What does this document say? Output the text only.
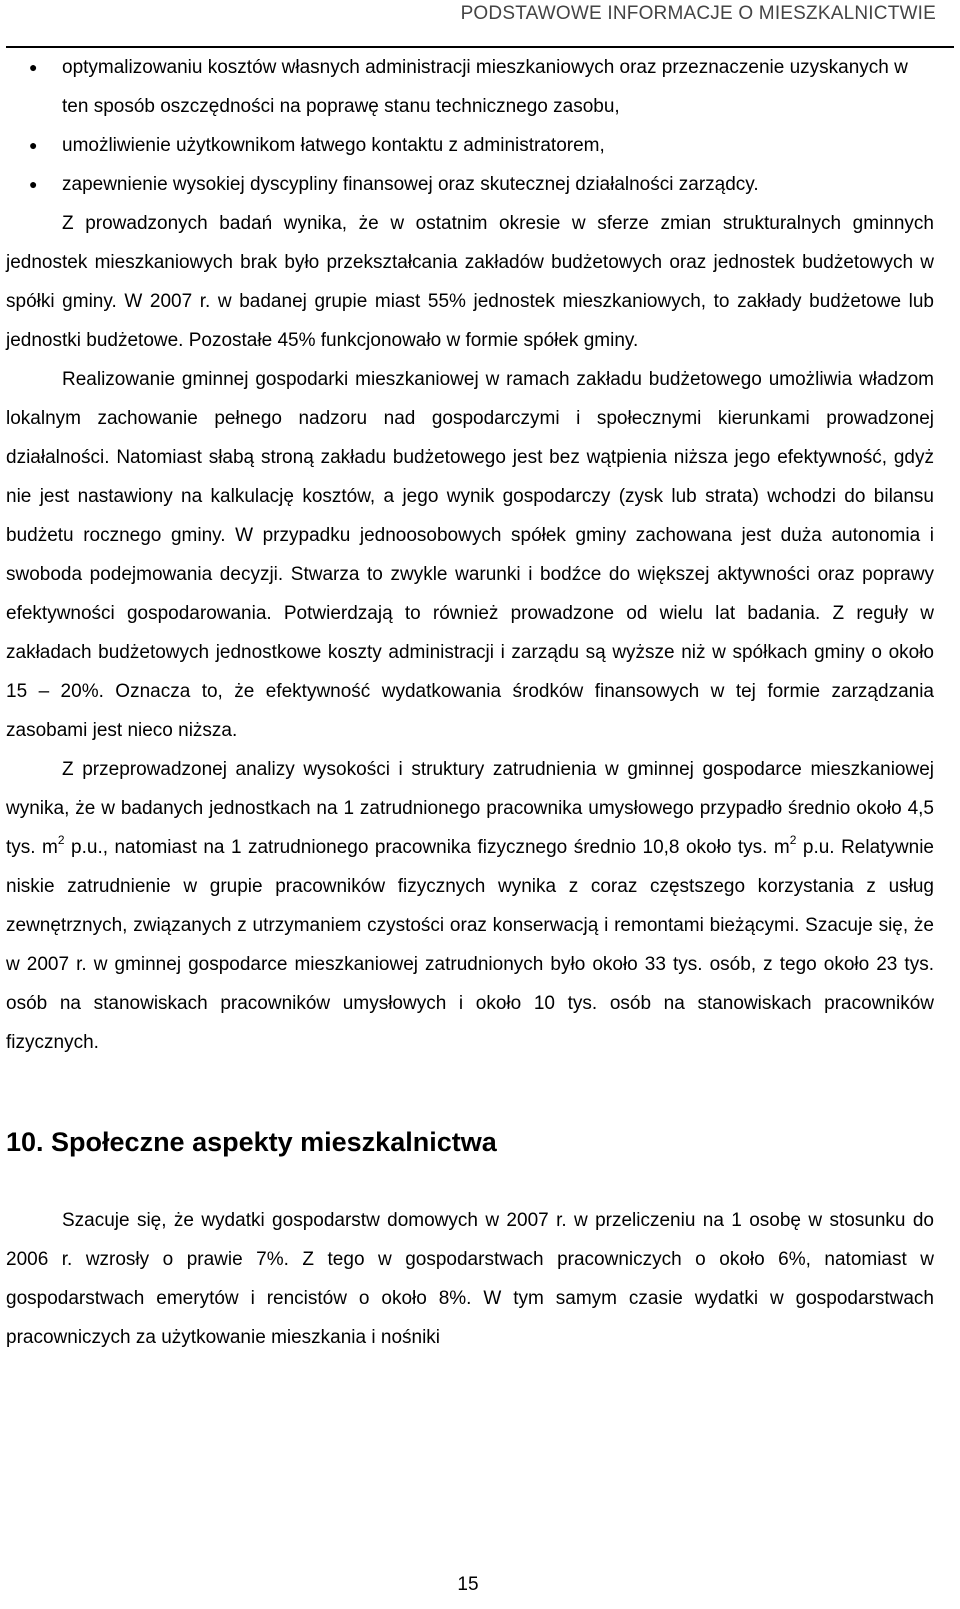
PODSTAWOWE INFORMACJE O MIESZKALNICTWIE
● optymalizowaniu kosztów własnych administracji mieszkaniowych oraz przeznaczenie uzyskanych w ten sposób oszczędności na poprawę stanu technicznego zasobu,
● umożliwienie użytkownikom łatwego kontaktu z administratorem,
● zapewnienie wysokiej dyscypliny finansowej oraz skutecznej działalności zarządcy.

Z prowadzonych badań wynika, że w ostatnim okresie w sferze zmian strukturalnych gminnych jednostek mieszkaniowych brak było przekształcania zakładów budżetowych oraz jednostek budżetowych w spółki gminy. W 2007 r. w badanej grupie miast 55% jednostek mieszkaniowych, to zakłady budżetowe lub jednostki budżetowe. Pozostałe 45% funkcjonowało w formie spółek gminy.

Realizowanie gminnej gospodarki mieszkaniowej w ramach zakładu budżetowego umożliwia władzom lokalnym zachowanie pełnego nadzoru nad gospodarczymi i społecznymi kierunkami prowadzonej działalności. Natomiast słabą stroną zakładu budżetowego jest bez wątpienia niższa jego efektywność, gdyż nie jest nastawiony na kalkulację kosztów, a jego wynik gospodarczy (zysk lub strata) wchodzi do bilansu budżetu rocznego gminy. W przypadku jednoosobowych spółek gminy zachowana jest duża autonomia i swoboda podejmowania decyzji. Stwarza to zwykle warunki i bodźce do większej aktywności oraz poprawy efektywności gospodarowania. Potwierdzają to również prowadzone od wielu lat badania. Z reguły w zakładach budżetowych jednostkowe koszty administracji i zarządu są wyższe niż w spółkach gminy o około 15 – 20%. Oznacza to, że efektywność wydatkowania środków finansowych w tej formie zarządzania zasobami jest nieco niższa.

Z przeprowadzonej analizy wysokości i struktury zatrudnienia w gminnej gospodarce mieszkaniowej wynika, że w badanych jednostkach na 1 zatrudnionego pracownika umysłowego przypadło średnio około 4,5 tys. $m^2$ p.u., natomiast na 1 zatrudnionego pracownika fizycznego średnio 10,8 około tys. $m^2$ p.u. Relatywnie niskie zatrudnienie w grupie pracowników fizycznych wynika z coraz częstszego korzystania z usług zewnętrznych, związanych z utrzymaniem czystości oraz konserwacją i remontami bieżącymi. Szacuje się, że w 2007 r. w gminnej gospodarce mieszkaniowej zatrudnionych było około 33 tys. osób, z tego około 23 tys. osób na stanowiskach pracowników umysłowych i około 10 tys. osób na stanowiskach pracowników fizycznych.

10. Społeczne aspekty mieszkalnictwa

Szacuje się, że wydatki gospodarstw domowych w 2007 r. w przeliczeniu na 1 osobę w stosunku do 2006 r. wzrosły o prawie 7%. Z tego w gospodarstwach pracowniczych o około 6%, natomiast w gospodarstwach emerytów i rencistów o około 8%. W tym samym czasie wydatki w gospodarstwach pracowniczych za użytkowanie mieszkania i nośniki

15
